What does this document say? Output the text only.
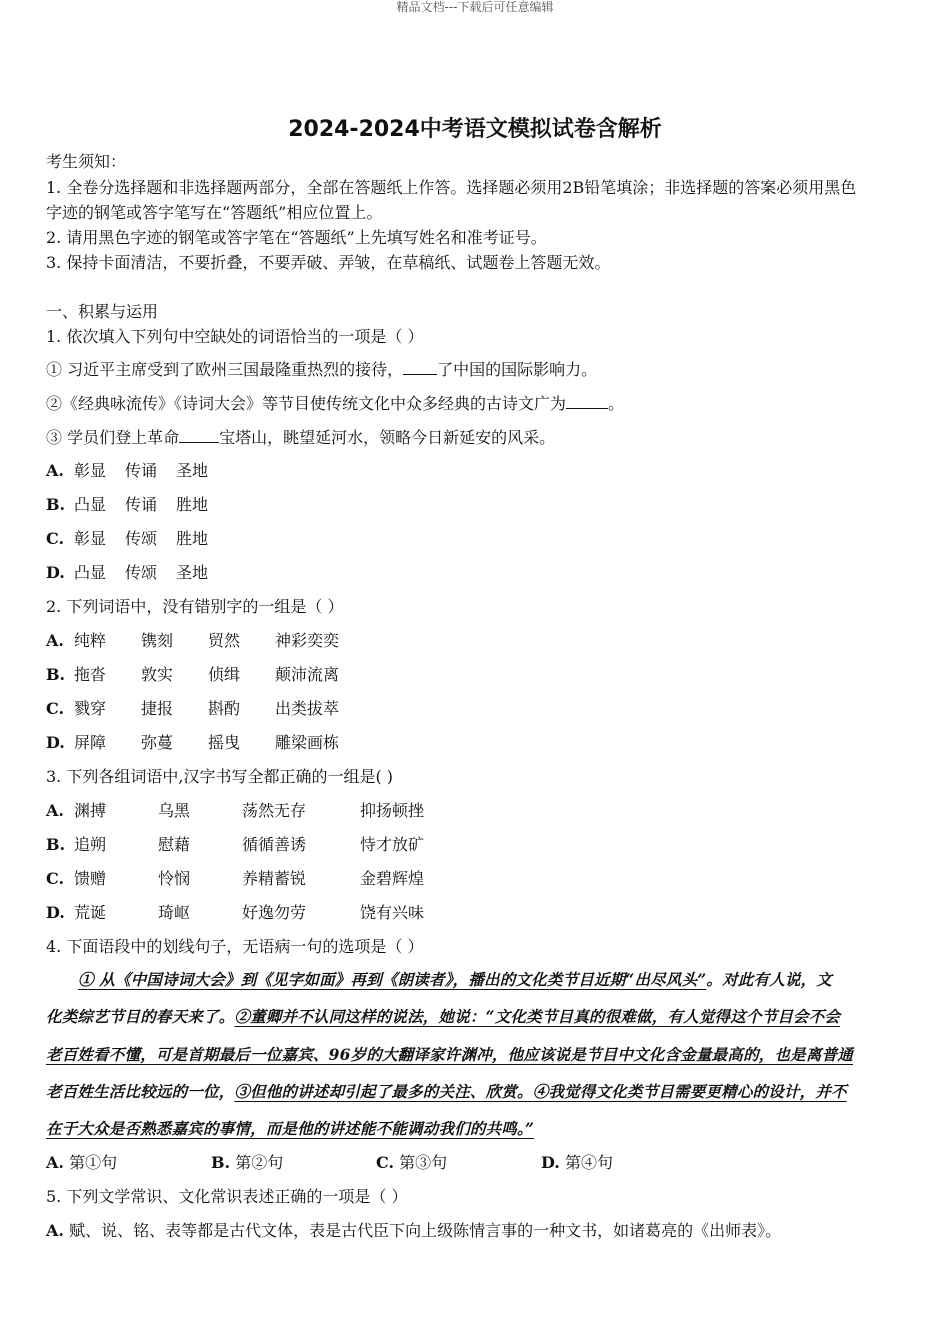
精品文档---下载后可任意编辑
2024-2024中考语文模拟试卷含解析
考生须知：
1. 全卷分选择题和非选择题两部分，全部在答题纸上作答。选择题必须用2B铅笔填涂；非选择题的答案必须用黑色
字迹的钢笔或答字笔写在“答题纸”相应位置上。
2. 请用黑色字迹的钢笔或答字笔在“答题纸”上先填写姓名和准考证号。
3. 保持卡面清洁，不要折叠，不要弄破、弄皱，在草稿纸、试题卷上答题无效。
一、积累与运用
1. 依次填入下列句中空缺处的词语恰当的一项是（ ）
① 习近平主席受到了欧州三国最隆重热烈的接待， 了中国的国际影响力。
②《经典咏流传》《诗词大会》等节目使传统文化中众多经典的古诗文广为	。
③ 学员们登上革命	宝塔山，眺望延河水，领略今日新延安的风采。
A. 彰显 传诵 圣地
B. 凸显 传诵 胜地
C. 彰显 传颂 胜地
D. 凸显 传颂 圣地
2. 下列词语中，没有错别字的一组是（ ）
A. 纯粹 镌刻 贸然 神彩奕奕
B. 拖沓 敦实 侦缉 颠沛流离
C. 戮穿 捷报 斟酌 出类拔萃
D. 屏障 弥蔓 摇曳 雕梁画栋
3. 下列各组词语中,汉字书写全都正确的一组是( )
A. 渊搏	乌黑	荡然无存	抑扬顿挫
B. 追朔	慰藉	循循善诱	恃才放矿
C. 馈赠	怜悯	养精蓄锐	金碧辉煌
D. 荒诞	琦岖	好逸勿劳	饶有兴味
4. 下面语段中的划线句子，无语病一句的选项是（ ）
① 从《中国诗词大会》到《见字如面》再到《朗读者》，播出的文化类节目近期“出尽风头”。对此有人说，文
化类综艺节目的春天来了。②董卿并不认同这样的说法，她说：“文化类节目真的很难做，有人觉得这个节目会不会
老百姓看不懂，可是首期最后一位嘉宾、96岁的大翻译家许渊冲，他应该说是节目中文化含金量最高的，也是离普通
老百姓生活比较远的一位，③但他的讲述却引起了最多的关注、欣赏。④我觉得文化类节目需要更精心的设计，并不
在于大众是否熟悉嘉宾的事情，而是他的讲述能不能调动我们的共鸣。”
A. 第①句	B. 第②句	C. 第③句	D. 第④句
5. 下列文学常识、文化常识表述正确的一项是（ ）
A. 赋、说、铭、表等都是古代文体，表是古代臣下向上级陈情言事的一种文书，如诸葛亮的《出师表》。
